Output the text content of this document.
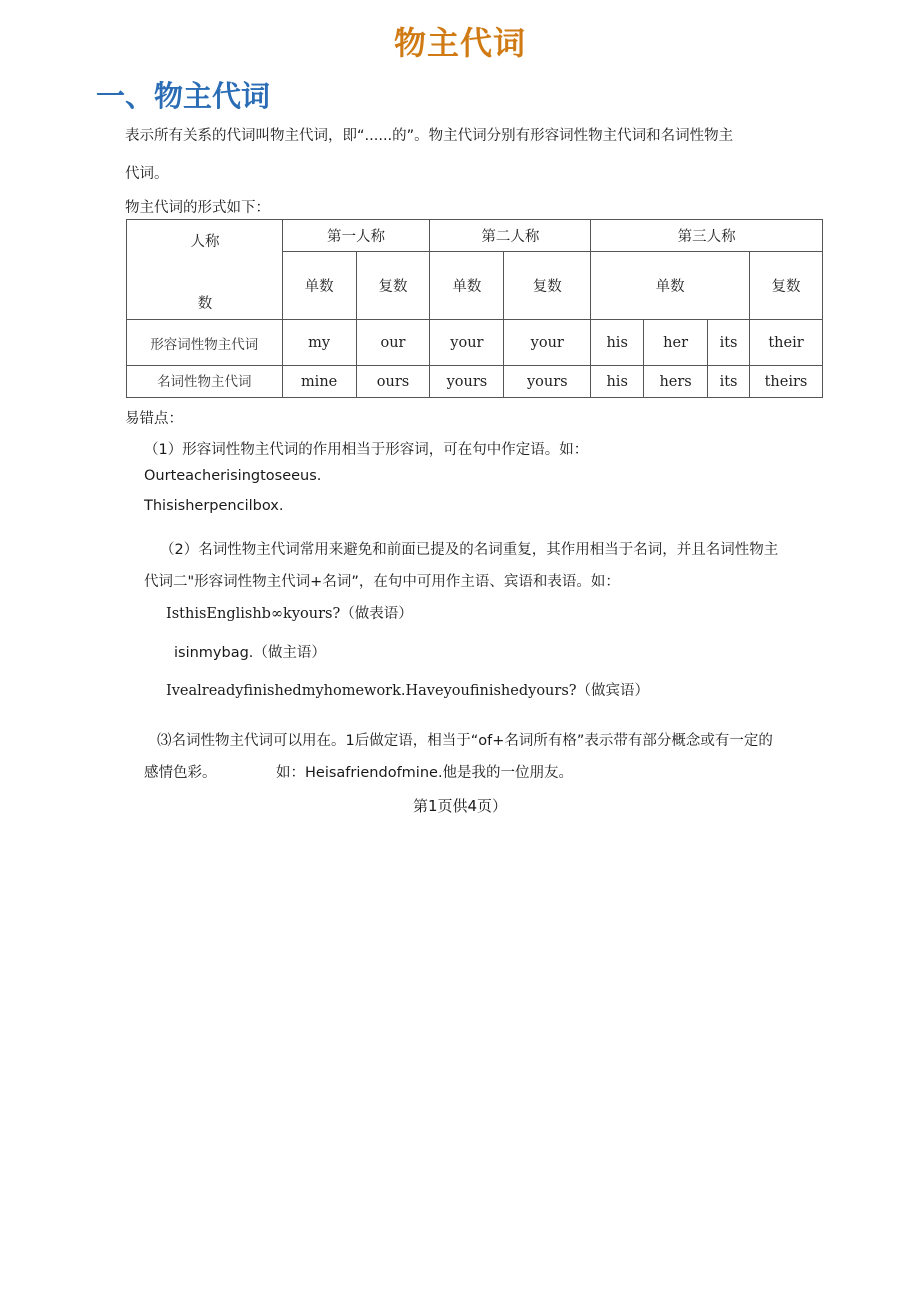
物主代词
一、物主代词
表示所有关系的代词叫物主代词，即“......的”。物主代词分别有形容词性物主代词和名词性物主
代词。
物主代词的形式如下：
人称
数	第一人称		第二人称		第三人称			
	单数	复数	单数	复数	单数			复数
形容词性物主代词	my	our	your	your	his	her	its	their

名词性物主代词	mine	ours	yours	yours	his	hers	its	theirs
易错点：
（1）形容词性物主代词的作用相当于形容词，可在句中作定语。如：
Ourteacherisingtoseeus.
Thisisherpencilbox.
（2）名词性物主代词常用来避免和前面已提及的名词重复，其作用相当于名词，并且名词性物主
代词二"形容词性物主代词+名词”，在句中可用作主语、宾语和表语。如：
IsthisEnglishb∞kyours?（做表语）
isinmybag.（做主语）
Ivealreadyfinishedmyhomework.Haveyoufinishedyours?（做宾语）
⑶名词性物主代词可以用在。1后做定语，相当于“of+名词所有格”表示带有部分概念或有一定的
感情色彩。	如：Heisafriendofmine.他是我的一位朋友。
第1页供4页）
